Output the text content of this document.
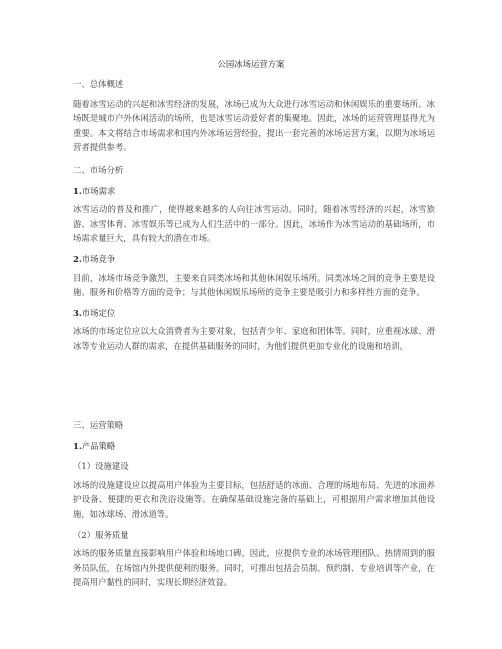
公园冰场运营方案

一、总体概述

随着冰雪运动的兴起和冰雪经济的发展，冰场已成为大众进行冰雪运动和休闲娱乐的重要场所。冰场既是城市户外休闲活动的场所，也是冰雪运动爱好者的集聚地。因此，冰场的运营管理显得尤为重要。本文将结合市场需求和国内外冰场运营经验，提出一套完善的冰场运营方案，以期为冰场运营者提供参考。

二、市场分析

1.市场需求

冰雪运动的普及和推广，使得越来越多的人向往冰雪运动。同时，随着冰雪经济的兴起，冰雪旅游、冰雪体育、冰雪娱乐等已成为人们生活中的一部分。因此，冰场作为冰雪运动的基础场所，市场需求量巨大，具有较大的潜在市场。

2.市场竞争

目前，冰场市场竞争激烈，主要来自同类冰场和其他休闲娱乐场所。同类冰场之间的竞争主要是设施、服务和价格等方面的竞争；与其他休闲娱乐场所的竞争主要是吸引力和多样性方面的竞争。

3.市场定位

冰场的市场定位应以大众消费者为主要对象，包括青少年、家庭和团体等。同时，应重视冰球、滑冰等专业运动人群的需求，在提供基础服务的同时，为他们提供更加专业化的设施和培训。

三、运营策略

1.产品策略

（1）设施建设

冰场的设施建设应以提高用户体验为主要目标，包括舒适的冰面、合理的场地布局、先进的冰面养护设备、便捷的更衣和洗浴设施等。在确保基础设施完备的基础上，可根据用户需求增加其他设施，如冰球场、滑冰道等。

（2）服务质量

冰场的服务质量直接影响用户体验和场地口碑。因此，应提供专业的冰场管理团队、热情周到的服务员队伍，在场馆内外提供便利的服务。同时，可推出包括会员制、预约制、专业培训等产业，在提高用户黏性的同时，实现长期经济效益。
